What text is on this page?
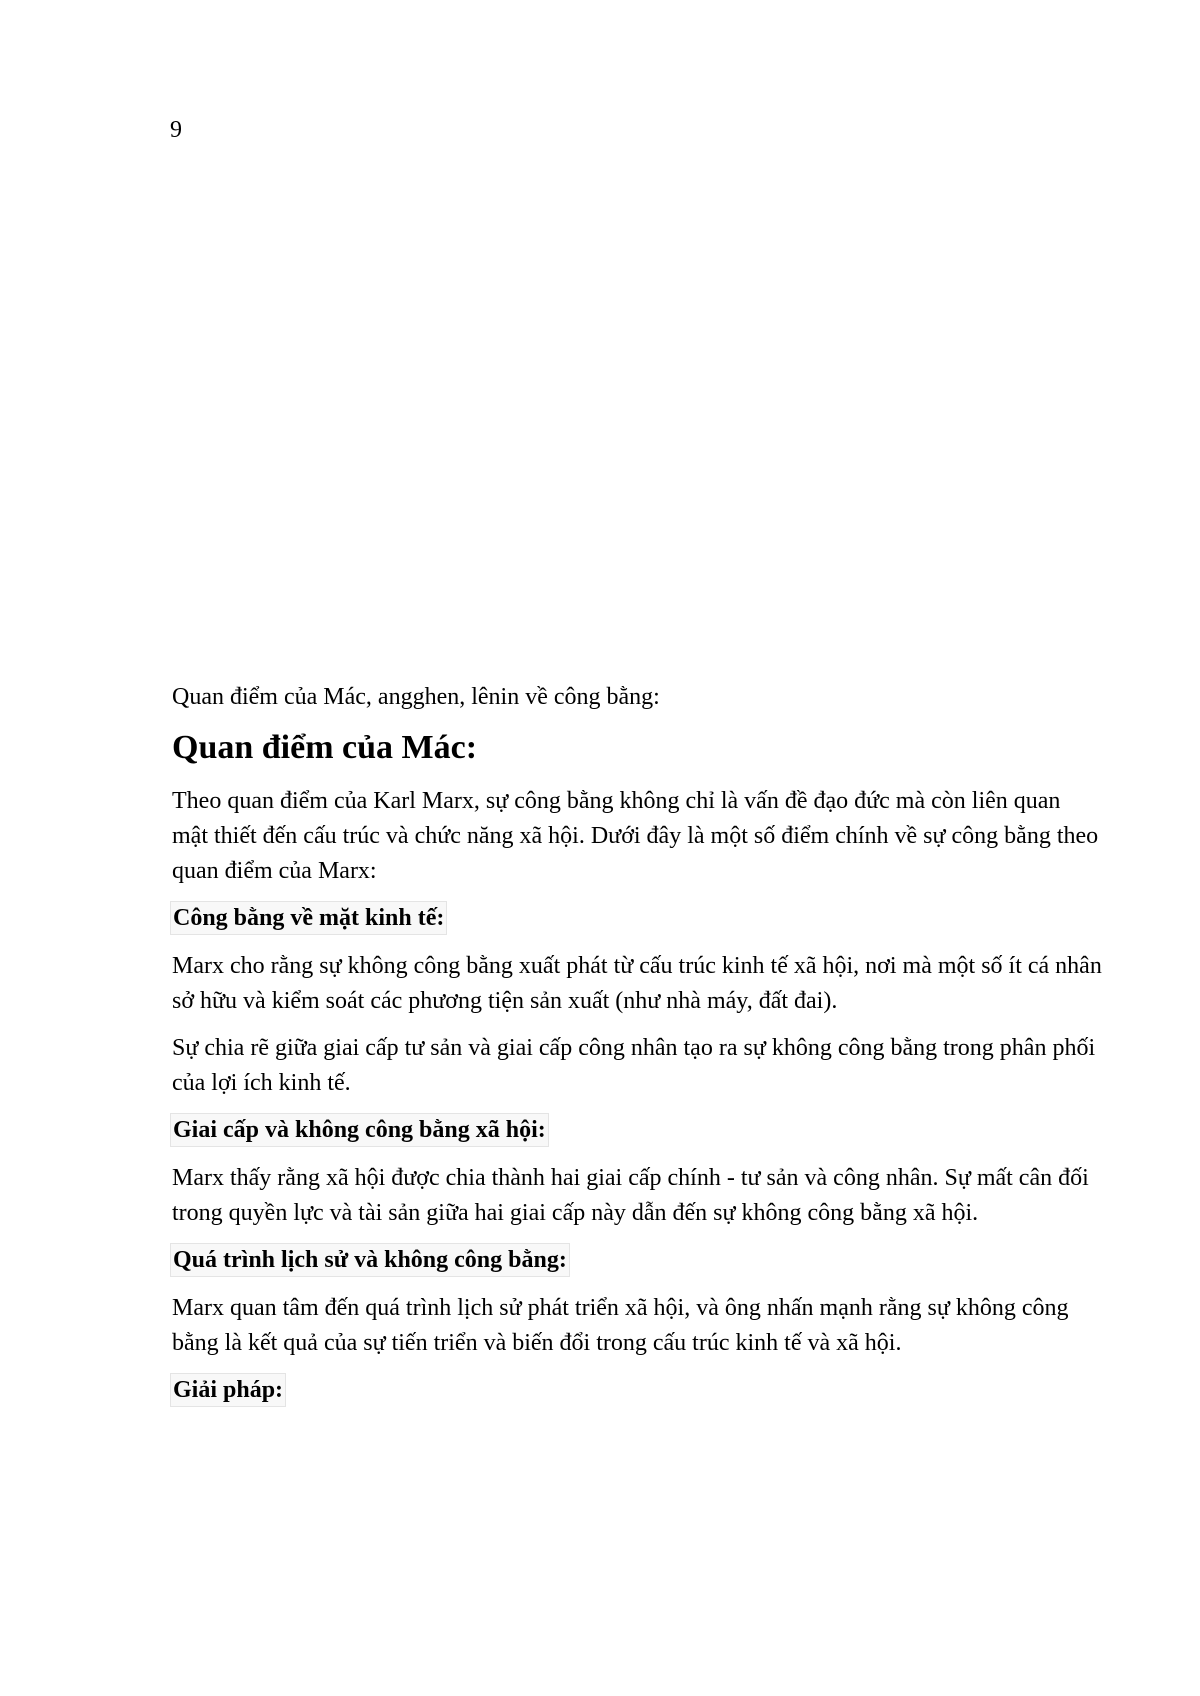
9

Quan điểm của Mác, angghen, lênin về công bằng:

Quan điểm của Mác:

Theo quan điểm của Karl Marx, sự công bằng không chỉ là vấn đề đạo đức mà còn liên quan mật thiết đến cấu trúc và chức năng xã hội. Dưới đây là một số điểm chính về sự công bằng theo quan điểm của Marx:

Công bằng về mặt kinh tế:

Marx cho rằng sự không công bằng xuất phát từ cấu trúc kinh tế xã hội, nơi mà một số ít cá nhân sở hữu và kiểm soát các phương tiện sản xuất (như nhà máy, đất đai).

Sự chia rẽ giữa giai cấp tư sản và giai cấp công nhân tạo ra sự không công bằng trong phân phối của lợi ích kinh tế.

Giai cấp và không công bằng xã hội:

Marx thấy rằng xã hội được chia thành hai giai cấp chính - tư sản và công nhân. Sự mất cân đối trong quyền lực và tài sản giữa hai giai cấp này dẫn đến sự không công bằng xã hội.

Quá trình lịch sử và không công bằng:

Marx quan tâm đến quá trình lịch sử phát triển xã hội, và ông nhấn mạnh rằng sự không công bằng là kết quả của sự tiến triển và biến đổi trong cấu trúc kinh tế và xã hội.

Giải pháp:
